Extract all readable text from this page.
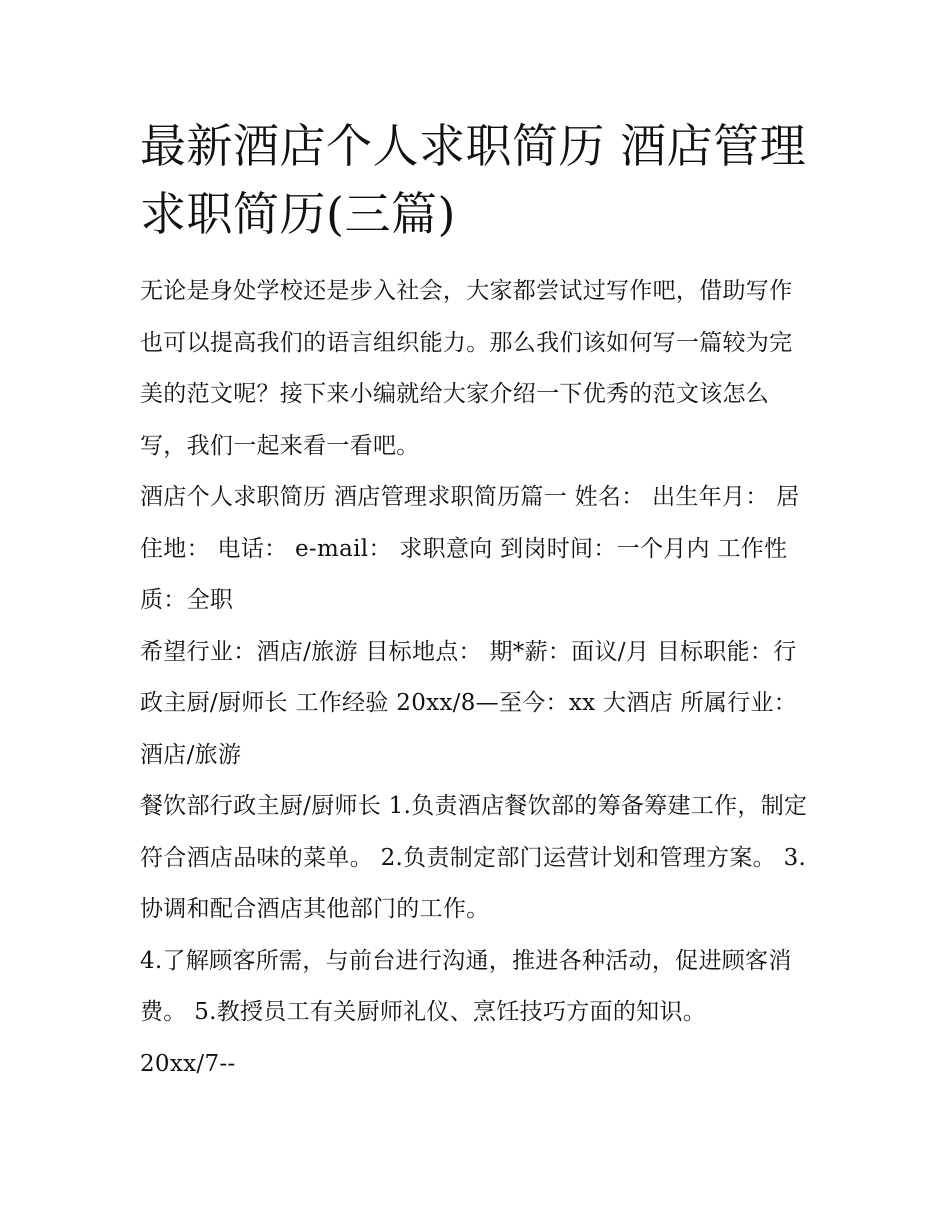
最新酒店个人求职简历 酒店管理求职简历(三篇)

无论是身处学校还是步入社会，大家都尝试过写作吧，借助写作也可以提高我们的语言组织能力。那么我们该如何写一篇较为完美的范文呢？接下来小编就给大家介绍一下优秀的范文该怎么写，我们一起来看一看吧。

酒店个人求职简历 酒店管理求职简历篇一 姓名： 出生年月： 居住地： 电话： e-mail： 求职意向 到岗时间：一个月内 工作性质：全职

希望行业：酒店/旅游 目标地点： 期*薪：面议/月 目标职能：行政主厨/厨师长 工作经验 20xx/8—至今：xx 大酒店 所属行业：酒店/旅游

餐饮部行政主厨/厨师长 1.负责酒店餐饮部的筹备筹建工作，制定符合酒店品味的菜单。 2.负责制定部门运营计划和管理方案。 3.协调和配合酒店其他部门的工作。

4.了解顾客所需，与前台进行沟通，推进各种活动，促进顾客消费。 5.教授员工有关厨师礼仪、烹饪技巧方面的知识。

20xx/7--
